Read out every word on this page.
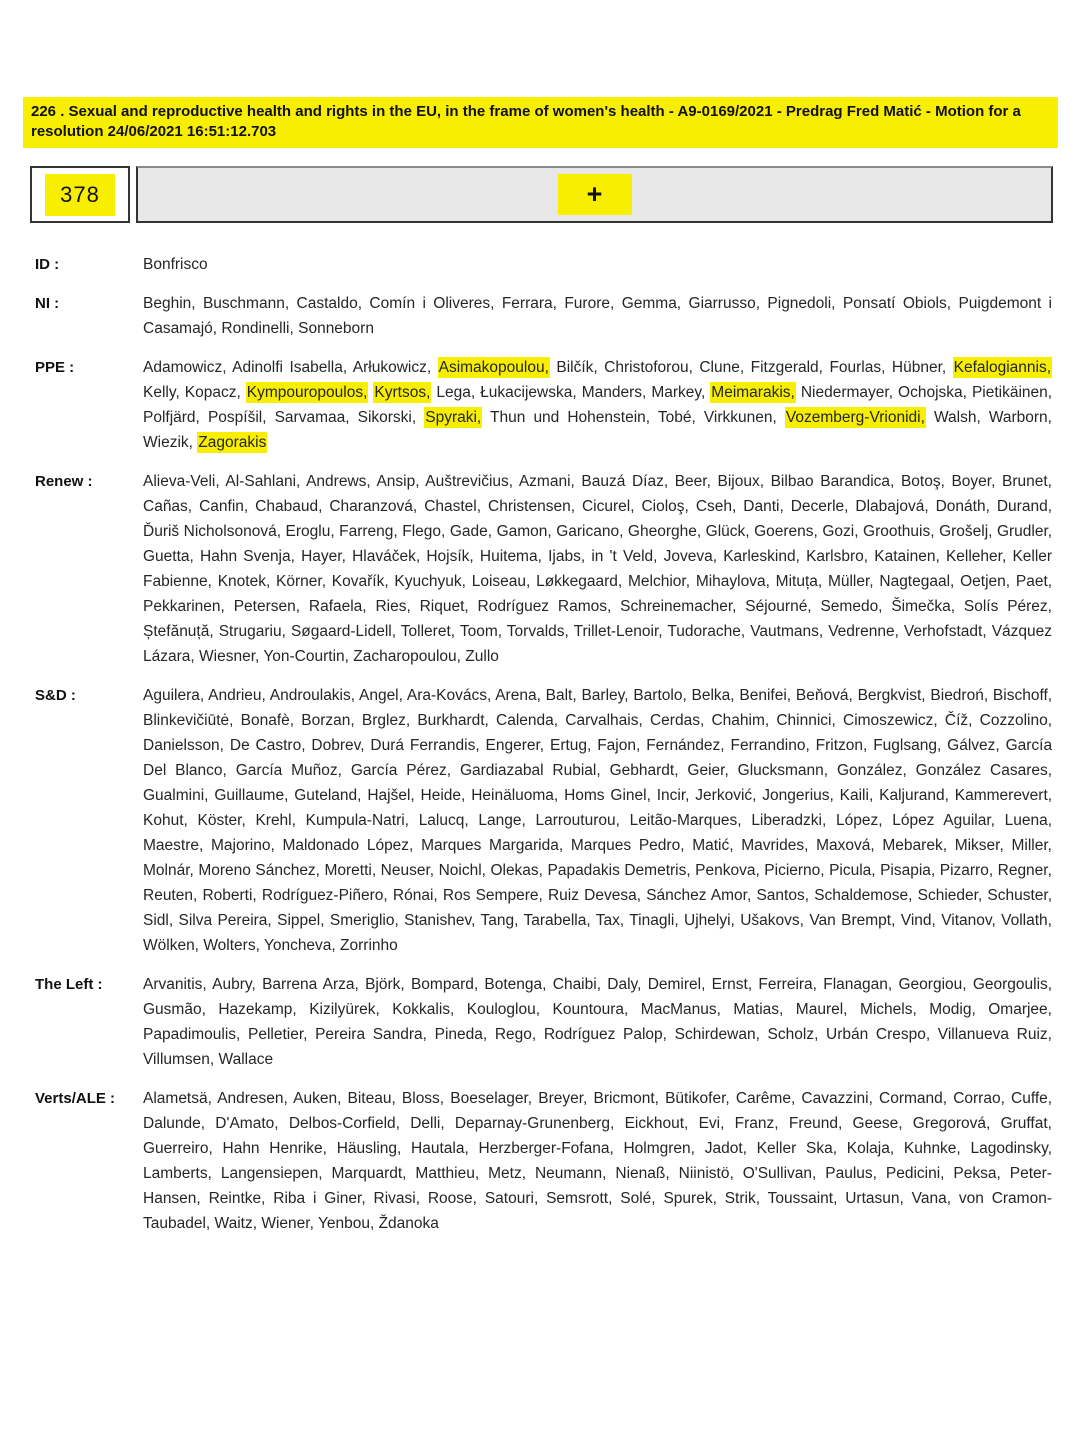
226 . Sexual and reproductive health and rights in the EU, in the frame of women's health - A9-0169/2021 - Predrag Fred Matić - Motion for a resolution 24/06/2021 16:51:12.703
378	+
ID :	Bonfrisco
NI :	Beghin, Buschmann, Castaldo, Comín i Oliveres, Ferrara, Furore, Gemma, Giarrusso, Pignedoli, Ponsatí Obiols, Puigdemont i Casamajó, Rondinelli, Sonneborn
PPE :	Adamowicz, Adinolfi Isabella, Arłukowicz, Asimakopoulou, Bilčík, Christoforou, Clune, Fitzgerald, Fourlas, Hübner, Kefalogiannis, Kelly, Kopacz, Kympouropoulos, Kyrtsos, Lega, Łukacijewska, Manders, Markey, Meimarakis, Niedermayer, Ochojska, Pietikäinen, Polfjärd, Pospíšil, Sarvamaa, Sikorski, Spyraki, Thun und Hohenstein, Tobé, Virkkunen, Vozemberg-Vrionidi, Walsh, Warborn, Wiezik, Zagorakis
Renew :	Alieva-Veli, Al-Sahlani, Andrews, Ansip, Auštrevičius, Azmani, Bauzá Díaz, Beer, Bijoux, Bilbao Barandica, Botoş, Boyer, Brunet, Cañas, Canfin, Chabaud, Charanzová, Chastel, Christensen, Cicurel, Cioloş, Cseh, Danti, Decerle, Dlabajová, Donáth, Durand, Ďuriš Nicholsonová, Eroglu, Farreng, Flego, Gade, Gamon, Garicano, Gheorghe, Glück, Goerens, Gozi, Groothuis, Grošelj, Grudler, Guetta, Hahn Svenja, Hayer, Hlaváček, Hojsík, Huitema, Ijabs, in 't Veld, Joveva, Karleskind, Karlsbro, Katainen, Kelleher, Keller Fabienne, Knotek, Körner, Kovařík, Kyuchyuk, Loiseau, Løkkegaard, Melchior, Mihaylova, Mituța, Müller, Nagtegaal, Oetjen, Paet, Pekkarinen, Petersen, Rafaela, Ries, Riquet, Rodríguez Ramos, Schreinemacher, Séjourné, Semedo, Šimečka, Solís Pérez, Ștefănuță, Strugariu, Søgaard-Lidell, Tolleret, Toom, Torvalds, Trillet-Lenoir, Tudorache, Vautmans, Vedrenne, Verhofstadt, Vázquez Lázara, Wiesner, Yon-Courtin, Zacharopoulou, Zullo
S&D :	Aguilera, Andrieu, Androulakis, Angel, Ara-Kovács, Arena, Balt, Barley, Bartolo, Belka, Benifei, Beňová, Bergkvist, Biedroń, Bischoff, Blinkevičiūtė, Bonafè, Borzan, Brglez, Burkhardt, Calenda, Carvalhais, Cerdas, Chahim, Chinnici, Cimoszewicz, Číž, Cozzolino, Danielsson, De Castro, Dobrev, Durá Ferrandis, Engerer, Ertug, Fajon, Fernández, Ferrandino, Fritzon, Fuglsang, Gálvez, García Del Blanco, García Muñoz, García Pérez, Gardiazabal Rubial, Gebhardt, Geier, Glucksmann, González, González Casares, Gualmini, Guillaume, Guteland, Hajšel, Heide, Heinäluoma, Homs Ginel, Incir, Jerković, Jongerius, Kaili, Kaljurand, Kammerevert, Kohut, Köster, Krehl, Kumpula-Natri, Lalucq, Lange, Larrouturou, Leitão-Marques, Liberadzki, López, López Aguilar, Luena, Maestre, Majorino, Maldonado López, Marques Margarida, Marques Pedro, Matić, Mavrides, Maxová, Mebarek, Mikser, Miller, Molnár, Moreno Sánchez, Moretti, Neuser, Noichl, Olekas, Papadakis Demetris, Penkova, Picierno, Picula, Pisapia, Pizarro, Regner, Reuten, Roberti, Rodríguez-Piñero, Rónai, Ros Sempere, Ruiz Devesa, Sánchez Amor, Santos, Schaldemose, Schieder, Schuster, Sidl, Silva Pereira, Sippel, Smeriglio, Stanishev, Tang, Tarabella, Tax, Tinagli, Ujhelyi, Ušakovs, Van Brempt, Vind, Vitanov, Vollath, Wölken, Wolters, Yoncheva, Zorrinho
The Left :	Arvanitis, Aubry, Barrena Arza, Björk, Bompard, Botenga, Chaibi, Daly, Demirel, Ernst, Ferreira, Flanagan, Georgiou, Georgoulis, Gusmão, Hazekamp, Kizilyürek, Kokkalis, Kouloglou, Kountoura, MacManus, Matias, Maurel, Michels, Modig, Omarjee, Papadimoulis, Pelletier, Pereira Sandra, Pineda, Rego, Rodríguez Palop, Schirdewan, Scholz, Urbán Crespo, Villanueva Ruiz, Villumsen, Wallace
Verts/ALE :	Alametsä, Andresen, Auken, Biteau, Bloss, Boeselager, Breyer, Bricmont, Bütikofer, Carême, Cavazzini, Cormand, Corrao, Cuffe, Dalunde, D'Amato, Delbos-Corfield, Delli, Deparnay-Grunenberg, Eickhout, Evi, Franz, Freund, Geese, Gregorová, Gruffat, Guerreiro, Hahn Henrike, Häusling, Hautala, Herzberger-Fofana, Holmgren, Jadot, Keller Ska, Kolaja, Kuhnke, Lagodinsky, Lamberts, Langensiepen, Marquardt, Matthieu, Metz, Neumann, Nienaß, Niinistö, O'Sullivan, Paulus, Pedicini, Peksa, Peter-Hansen, Reintke, Riba i Giner, Rivasi, Roose, Satouri, Semsrott, Solé, Spurek, Strik, Toussaint, Urtasun, Vana, von Cramon-Taubadel, Waitz, Wiener, Yenbou, Ždanoka
